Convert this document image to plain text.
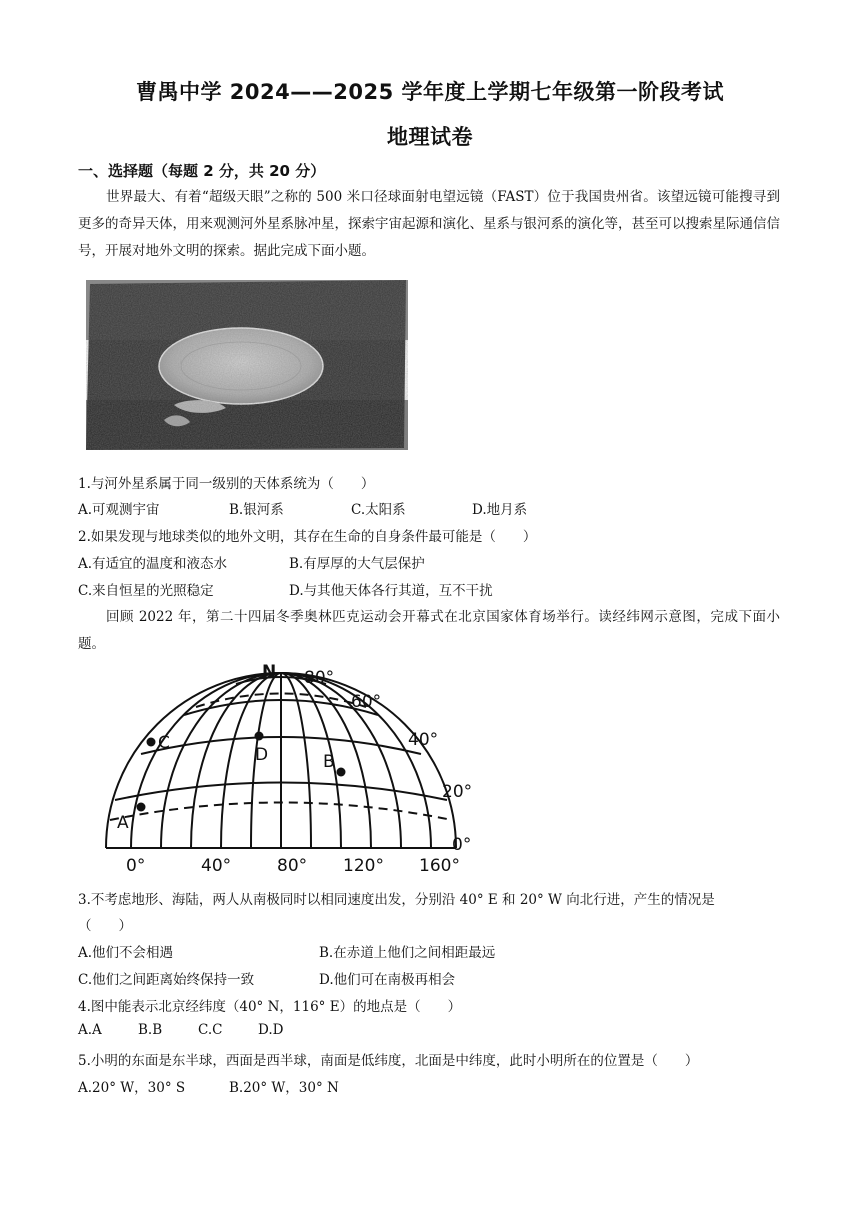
曹禺中学 2024——2025 学年度上学期七年级第一阶段考试
地理试卷
一、选择题（每题 2 分，共 20 分）

世界最大、有着“超级天眼”之称的 500 米口径球面射电望远镜（FAST）位于我国贵州省。该望远镜可能搜寻到更多的奇异天体，用来观测河外星系脉冲星，探索宇宙起源和演化、星系与银河系的演化等，甚至可以搜索星际通信信号，开展对地外文明的探索。据此完成下面小题。

1.与河外星系属于同一级别的天体系统为（　　）
A.可观测宇宙	B.银河系	C.太阳系	D.地月系
2.如果发现与地球类似的地外文明，其存在生命的自身条件最可能是（　　）
A.有适宜的温度和液态水	B.有厚厚的大气层保护
C.来自恒星的光照稳定	D.与其他天体各行其道，互不干扰

回顾 2022 年，第二十四届冬季奥林匹克运动会开幕式在北京国家体育场举行。读经纬网示意图，完成下面小题。

N 80°
60°
40°
20°
0°
0°	40°	80° 120° 160°
A
B
C
D
3.不考虑地形、海陆，两人从南极同时以相同速度出发，分别沿 40° E 和 20° W 向北行进，产生的情况是
（　　）
A.他们不会相遇	B.在赤道上他们之间相距最远
C.他们之间距离始终保持一致	D.他们可在南极再相会
4.图中能表示北京经纬度（40° N，116° E）的地点是（　　）
A.A	B.B	C.C	D.D
5.小明的东面是东半球，西面是西半球，南面是低纬度，北面是中纬度，此时小明所在的位置是（　　）
A.20° W，30° S	B.20° W，30° N
